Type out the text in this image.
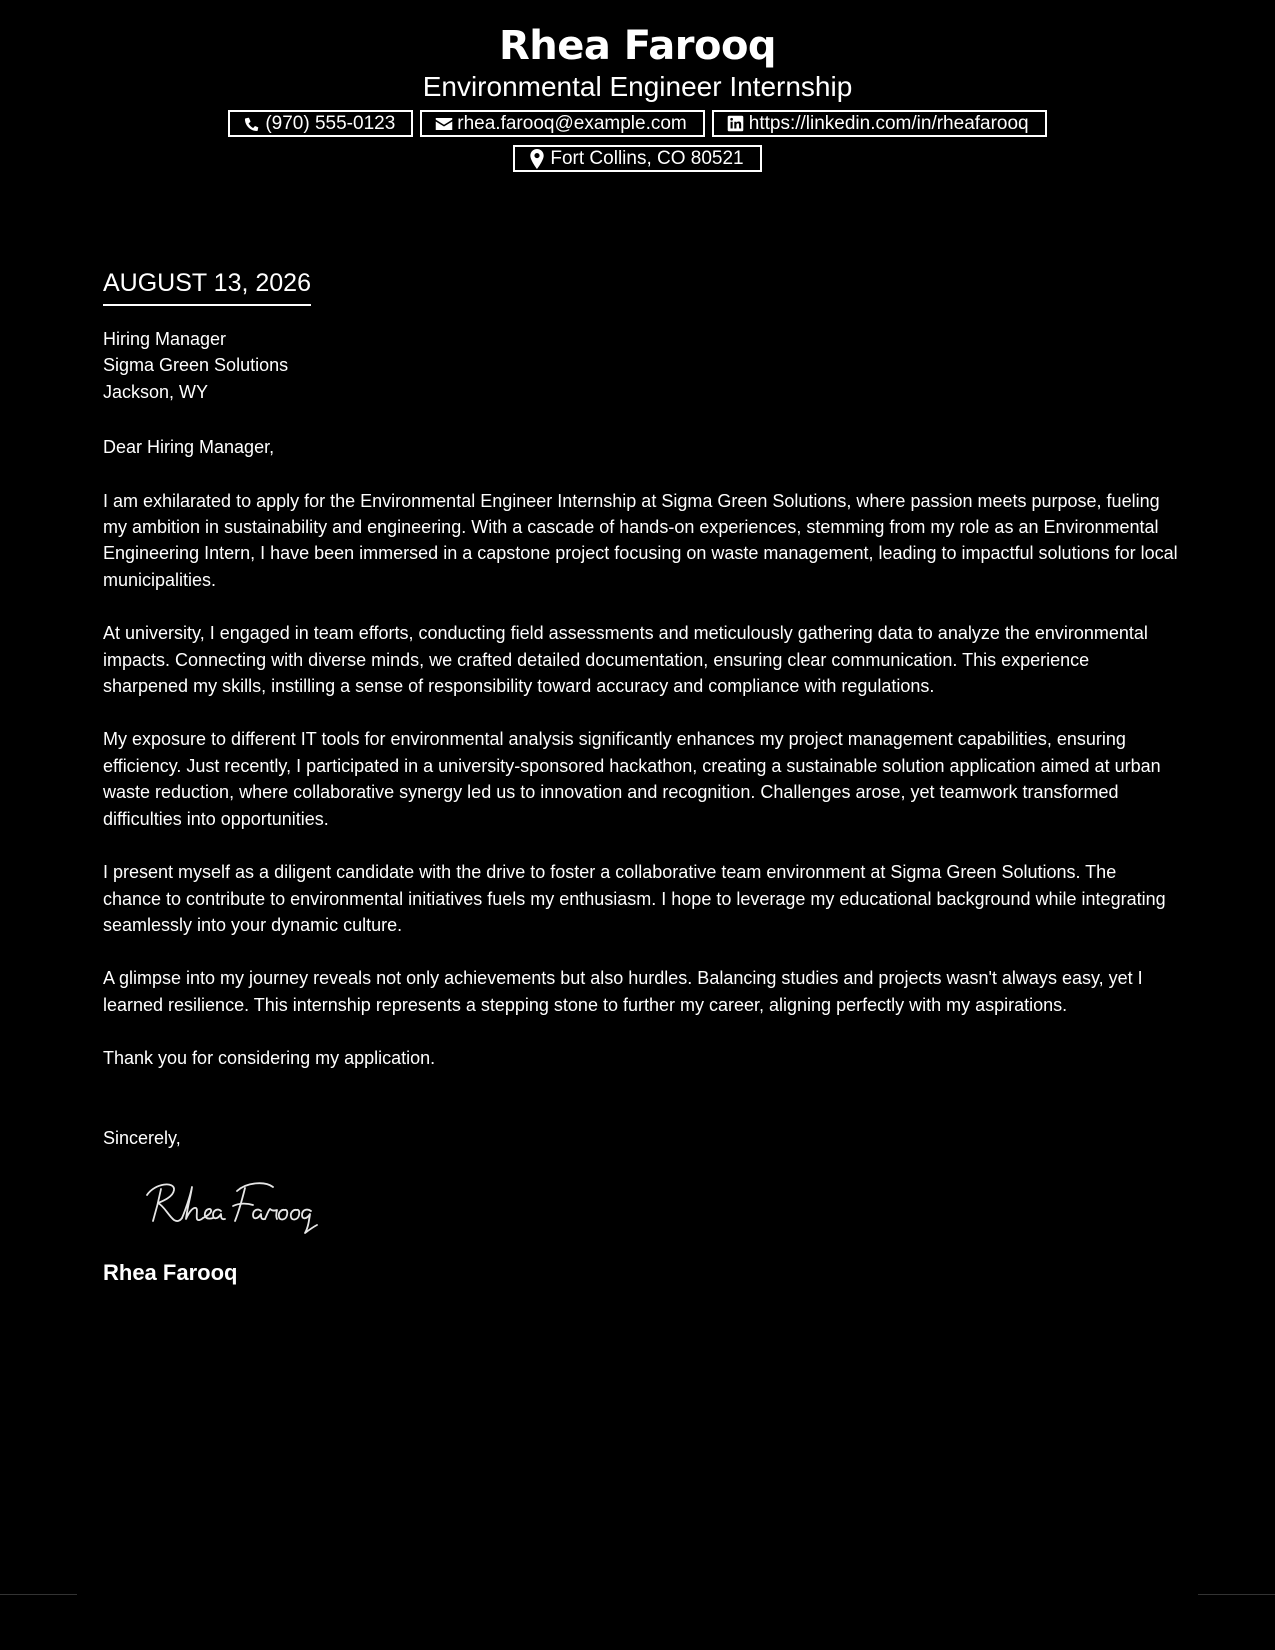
Rhea Farooq
Environmental Engineer Internship
(970) 555-0123	rhea.farooq@example.com	https://linkedin.com/in/rheafarooq
Fort Collins, CO 80521
AUGUST 13, 2026
Hiring Manager
Sigma Green Solutions
Jackson, WY
Dear Hiring Manager,
I am exhilarated to apply for the Environmental Engineer Internship at Sigma Green Solutions, where passion meets purpose, fueling my ambition in sustainability and engineering. With a cascade of hands-on experiences, stemming from my role as an Environmental Engineering Intern, I have been immersed in a capstone project focusing on waste management, leading to impactful solutions for local municipalities.
At university, I engaged in team efforts, conducting field assessments and meticulously gathering data to analyze the environmental impacts. Connecting with diverse minds, we crafted detailed documentation, ensuring clear communication. This experience sharpened my skills, instilling a sense of responsibility toward accuracy and compliance with regulations.
My exposure to different IT tools for environmental analysis significantly enhances my project management capabilities, ensuring efficiency. Just recently, I participated in a university-sponsored hackathon, creating a sustainable solution application aimed at urban waste reduction, where collaborative synergy led us to innovation and recognition. Challenges arose, yet teamwork transformed difficulties into opportunities.
I present myself as a diligent candidate with the drive to foster a collaborative team environment at Sigma Green Solutions. The chance to contribute to environmental initiatives fuels my enthusiasm. I hope to leverage my educational background while integrating seamlessly into your dynamic culture.
A glimpse into my journey reveals not only achievements but also hurdles. Balancing studies and projects wasn't always easy, yet I learned resilience. This internship represents a stepping stone to further my career, aligning perfectly with my aspirations.
Thank you for considering my application.
Sincerely,
Rhea Farooq
